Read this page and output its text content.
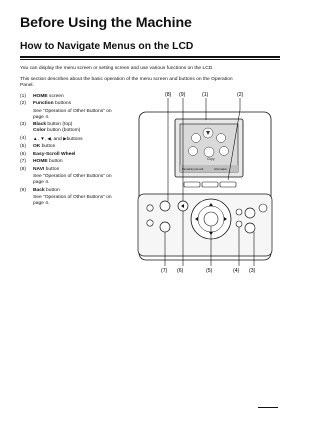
Before Using the Machine
How to Navigate Menus on the LCD

You can display the menu screen or setting screen and use various functions on the LCD.

This section describes about the basic operation of the menu screen and buttons on the Operation
Panel.

(1)	HOME screen
(2)	Function buttons
See “Operation of Other Buttons” on
page 4.
(3)	Black button (top)
Color button (bottom)
(4)	▲, ▼, ◀, and ▶buttons
(5)	OK button
(6)	Easy-Scroll Wheel
(7)	HOME button
(8)	NAVI button
See “Operation of Other Buttons” on
page 4.
(9)	Back button
See “Operation of Other Buttons” on
page 4.
(8) (9)	(1)	(2)
Copy
Remaining ink wdt	Information
(7) (6)	(5)	(4) (3)
